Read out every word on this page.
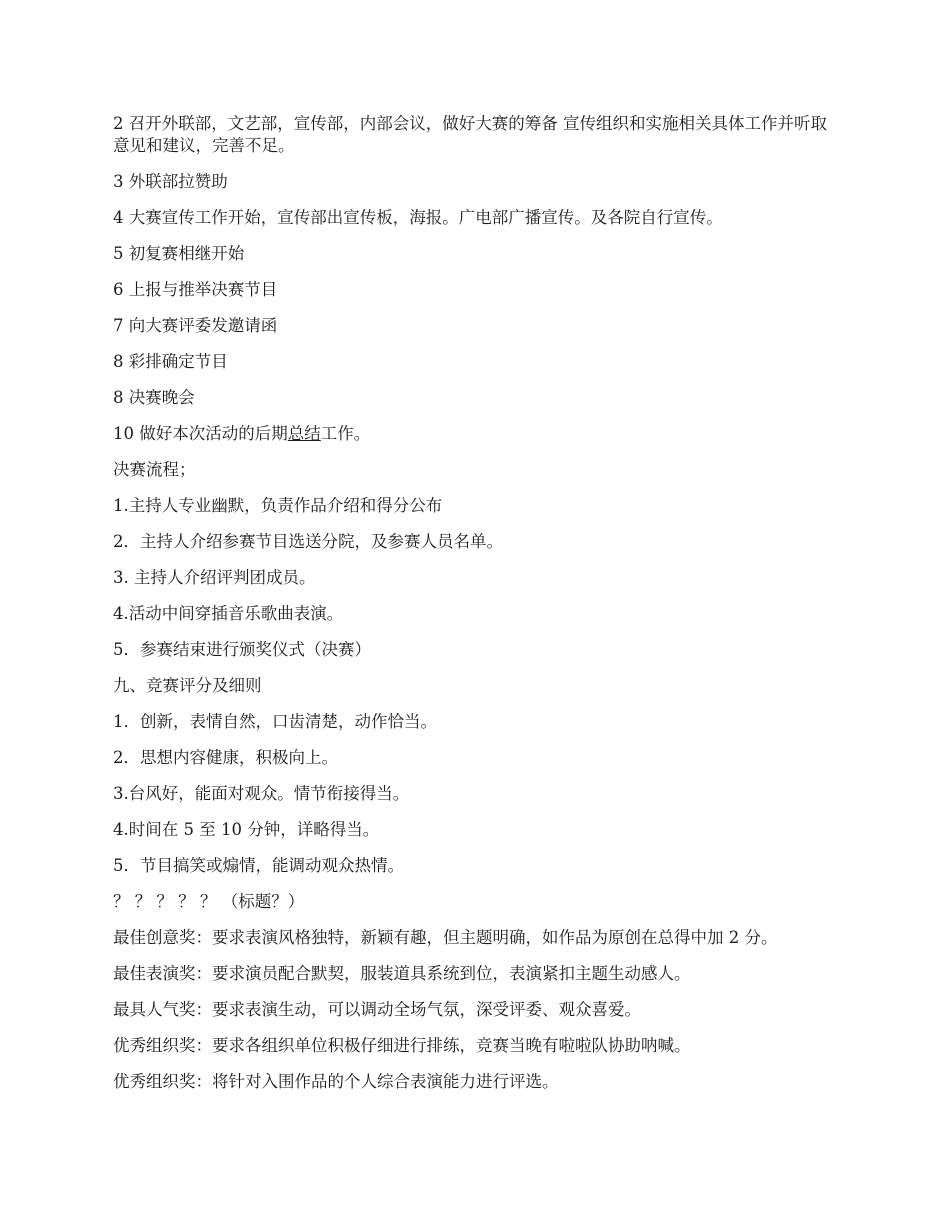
2 召开外联部，文艺部，宣传部，内部会议，做好大赛的筹备 宣传组织和实施相关具体工作并听取意见和建议，完善不足。

3 外联部拉赞助

4 大赛宣传工作开始，宣传部出宣传板，海报。广电部广播宣传。及各院自行宣传。

5 初复赛相继开始

6 上报与推举决赛节目

7 向大赛评委发邀请函

8 彩排确定节目

8 决赛晚会

10 做好本次活动的后期总结工作。

决赛流程；

1.主持人专业幽默，负责作品介绍和得分公布

2．主持人介绍参赛节目选送分院，及参赛人员名单。

3. 主持人介绍评判团成员。

4.活动中间穿插音乐歌曲表演。

5．参赛结束进行颁奖仪式（决赛）

九、竞赛评分及细则

1．创新，表情自然，口齿清楚，动作恰当。

2．思想内容健康，积极向上。

3.台风好，能面对观众。情节衔接得当。

4.时间在 5 至 10 分钟，详略得当。

5．节目搞笑或煽情，能调动观众热情。

？ ？ ？ ？ ？ （标题？）

最佳创意奖：要求表演风格独特，新颖有趣，但主题明确，如作品为原创在总得中加 2 分。

最佳表演奖：要求演员配合默契，服装道具系统到位，表演紧扣主题生动感人。

最具人气奖：要求表演生动，可以调动全场气氛，深受评委、观众喜爱。

优秀组织奖：要求各组织单位积极仔细进行排练，竞赛当晚有啦啦队协助呐喊。

优秀组织奖：将针对入围作品的个人综合表演能力进行评选。
